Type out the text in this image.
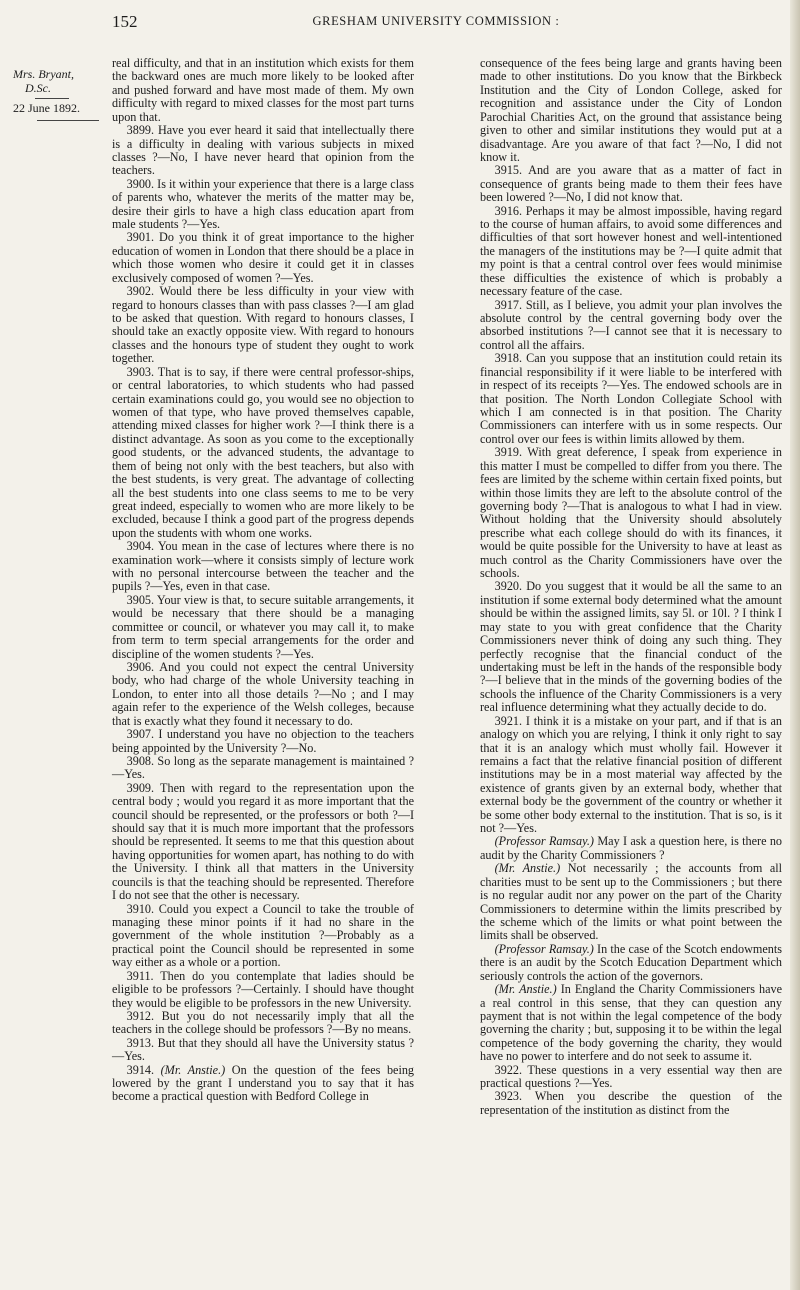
152	GRESHAM UNIVERSITY COMMISSION :
Mrs. Bryant,
D.Sc.
22 June 1892.

real difficulty, and that in an institution which exists for them the backward ones are much more likely to be looked after and pushed forward and have most made of them. My own difficulty with regard to mixed classes for the most part turns upon that.

3899. Have you ever heard it said that intellectually there is a difficulty in dealing with various subjects in mixed classes ?—No, I have never heard that opinion from the teachers.

3900. Is it within your experience that there is a large class of parents who, whatever the merits of the matter may be, desire their girls to have a high class education apart from male students ?—Yes.

3901. Do you think it of great importance to the higher education of women in London that there should be a place in which those women who desire it could get it in classes exclusively composed of women ?—Yes.

3902. Would there be less difficulty in your view with regard to honours classes than with pass classes ?—I am glad to be asked that question. With regard to honours classes, I should take an exactly opposite view. With regard to honours classes and the honours type of student they ought to work together.

3903. That is to say, if there were central professor-ships, or central laboratories, to which students who had passed certain examinations could go, you would see no objection to women of that type, who have proved themselves capable, attending mixed classes for higher work ?—I think there is a distinct advantage. As soon as you come to the exceptionally good students, or the advanced students, the advantage to them of being not only with the best teachers, but also with the best students, is very great. The advantage of collecting all the best students into one class seems to me to be very great indeed, especially to women who are more likely to be excluded, because I think a good part of the progress depends upon the students with whom one works.

3904. You mean in the case of lectures where there is no examination work—where it consists simply of lecture work with no personal intercourse between the teacher and the pupils ?—Yes, even in that case.

3905. Your view is that, to secure suitable arrangements, it would be necessary that there should be a managing committee or council, or whatever you may call it, to make from term to term special arrangements for the order and discipline of the women students ?—Yes.

3906. And you could not expect the central University body, who had charge of the whole University teaching in London, to enter into all those details ?—No ; and I may again refer to the experience of the Welsh colleges, because that is exactly what they found it necessary to do.

3907. I understand you have no objection to the teachers being appointed by the University ?—No.

3908. So long as the separate management is maintained ?—Yes.

3909. Then with regard to the representation upon the central body ; would you regard it as more important that the council should be represented, or the professors or both ?—I should say that it is much more important that the professors should be represented. It seems to me that this question about having opportunities for women apart, has nothing to do with the University. I think all that matters in the University councils is that the teaching should be represented. Therefore I do not see that the other is necessary.

3910. Could you expect a Council to take the trouble of managing these minor points if it had no share in the government of the whole institution ?—Probably as a practical point the Council should be represented in some way either as a whole or a portion.

3911. Then do you contemplate that ladies should be eligible to be professors ?—Certainly. I should have thought they would be eligible to be professors in the new University.

3912. But you do not necessarily imply that all the teachers in the college should be professors ?—By no means.

3913. But that they should all have the University status ?—Yes.

3914. (Mr. Anstie.) On the question of the fees being lowered by the grant I understand you to say that it has become a practical question with Bedford College in

consequence of the fees being large and grants having been made to other institutions. Do you know that the Birkbeck Institution and the City of London College, asked for recognition and assistance under the City of London Parochial Charities Act, on the ground that assistance being given to other and similar institutions they would put at a disadvantage. Are you aware of that fact ?—No, I did not know it.

3915. And are you aware that as a matter of fact in consequence of grants being made to them their fees have been lowered ?—No, I did not know that.

3916. Perhaps it may be almost impossible, having regard to the course of human affairs, to avoid some differences and difficulties of that sort however honest and well-intentioned the managers of the institutions may be ?—I quite admit that my point is that a central control over fees would minimise these difficulties the existence of which is probably a necessary feature of the case.

3917. Still, as I believe, you admit your plan involves the absolute control by the central governing body over the absorbed institutions ?—I cannot see that it is necessary to control all the affairs.

3918. Can you suppose that an institution could retain its financial responsibility if it were liable to be interfered with in respect of its receipts ?—Yes. The endowed schools are in that position. The North London Collegiate School with which I am connected is in that position. The Charity Commissioners can interfere with us in some respects. Our control over our fees is within limits allowed by them.

3919. With great deference, I speak from experience in this matter I must be compelled to differ from you there. The fees are limited by the scheme within certain fixed points, but within those limits they are left to the absolute control of the governing body ?—That is analogous to what I had in view. Without holding that the University should absolutely prescribe what each college should do with its finances, it would be quite possible for the University to have at least as much control as the Charity Commissioners have over the schools.

3920. Do you suggest that it would be all the same to an institution if some external body determined what the amount should be within the assigned limits, say 5l. or 10l. ? I think I may state to you with great confidence that the Charity Commissioners never think of doing any such thing. They perfectly recognise that the financial conduct of the undertaking must be left in the hands of the responsible body ?—I believe that in the minds of the governing bodies of the schools the influence of the Charity Commissioners is a very real influence determining what they actually decide to do.

3921. I think it is a mistake on your part, and if that is an analogy on which you are relying, I think it only right to say that it is an analogy which must wholly fail. However it remains a fact that the relative financial position of different institutions may be in a most material way affected by the existence of grants given by an external body, whether that external body be the government of the country or whether it be some other body external to the institution. That is so, is it not ?—Yes.

(Professor Ramsay.) May I ask a question here, is there no audit by the Charity Commissioners ?

(Mr. Anstie.) Not necessarily ; the accounts from all charities must to be sent up to the Commissioners ; but there is no regular audit nor any power on the part of the Charity Commissioners to determine within the limits prescribed by the scheme which of the limits or what point between the limits shall be observed.

(Professor Ramsay.) In the case of the Scotch endowments there is an audit by the Scotch Education Department which seriously controls the action of the governors.

(Mr. Anstie.) In England the Charity Commissioners have a real control in this sense, that they can question any payment that is not within the legal competence of the body governing the charity ; but, supposing it to be within the legal competence of the body governing the charity, they would have no power to interfere and do not seek to assume it.

3922. These questions in a very essential way then are practical questions ?—Yes.

3923. When you describe the question of the representation of the institution as distinct from the
